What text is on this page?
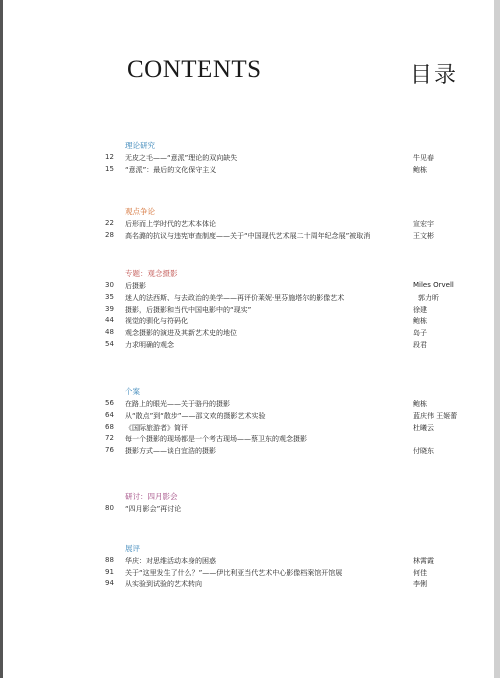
CONTENTS	目录
理论研究
12	无皮之毛——“意派”理论的双向缺失	牛见春
15	“意派”：最后的文化保守主义	鲍栋
观点争论
22	后形而上学时代的艺术本体论	宣宏宇
28	高名潞的抗议与违宪审查制度——关于“中国现代艺术展二十周年纪念展”被取消	王文彬
专题：观念摄影
30	后摄影	Miles Orvell
35	迷人的法西斯、与去政治的美学——再评价莱妮·里芬施塔尔的影像艺术	郭力昕
39	摄影，后摄影和当代中国电影中的“现实”	徐建
44	视觉的驯化与符码化	鲍栋
48	观念摄影的演进及其新艺术史的地位	岛子
54	力求明确的观念	段君
个案
56	在路上的眼光——关于骆丹的摄影	鲍栋
64	从“散点”到“散步”——邵文欢的摄影艺术实验	蓝庆伟 王姬蕾
68	《国际旅游者》简评	杜曦云
72	每一个摄影的现场都是一个考古现场——蔡卫东的观念摄影
76	摄影方式——谈白宜浩的摄影	付晓东
研讨：四月影会
80	“四月影会”再讨论
展评
88	华庆：对思维活动本身的困惑	林霄霞
91	关于“这里发生了什么？”——伊比利亚当代艺术中心影像档案馆开馆展	何佳
94	从实验到试验的艺术转向	李俐
